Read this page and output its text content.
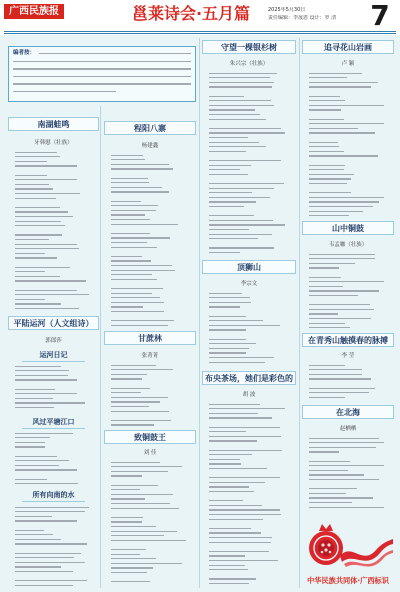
广西民族报	邕莱诗会·五月篇	2025年5月30日
责任编辑：李晟恩 设计：罗 清	7
编者按：
南湖蛙鸣
牙韩慰（壮族）
平陆运河（人文组诗）
郭郎莎
运河日记
风过平塘江口
所有向南的水
程阳八寨
杨建鑫
甘蔗林
张菁菁
致铜鼓王
刘 佳
守望一棵银杉树
朱兴宗（壮族）
顶狮山
李宗文
布央茶场，她们是彩色的
胡 波
追寻花山岩画
卢 颖
山中铜鼓
韦孟咖（壮族）
在青秀山触摸春的脉搏
李 莹
在北海
赵栖栖
中华民族共同体·广西标识
